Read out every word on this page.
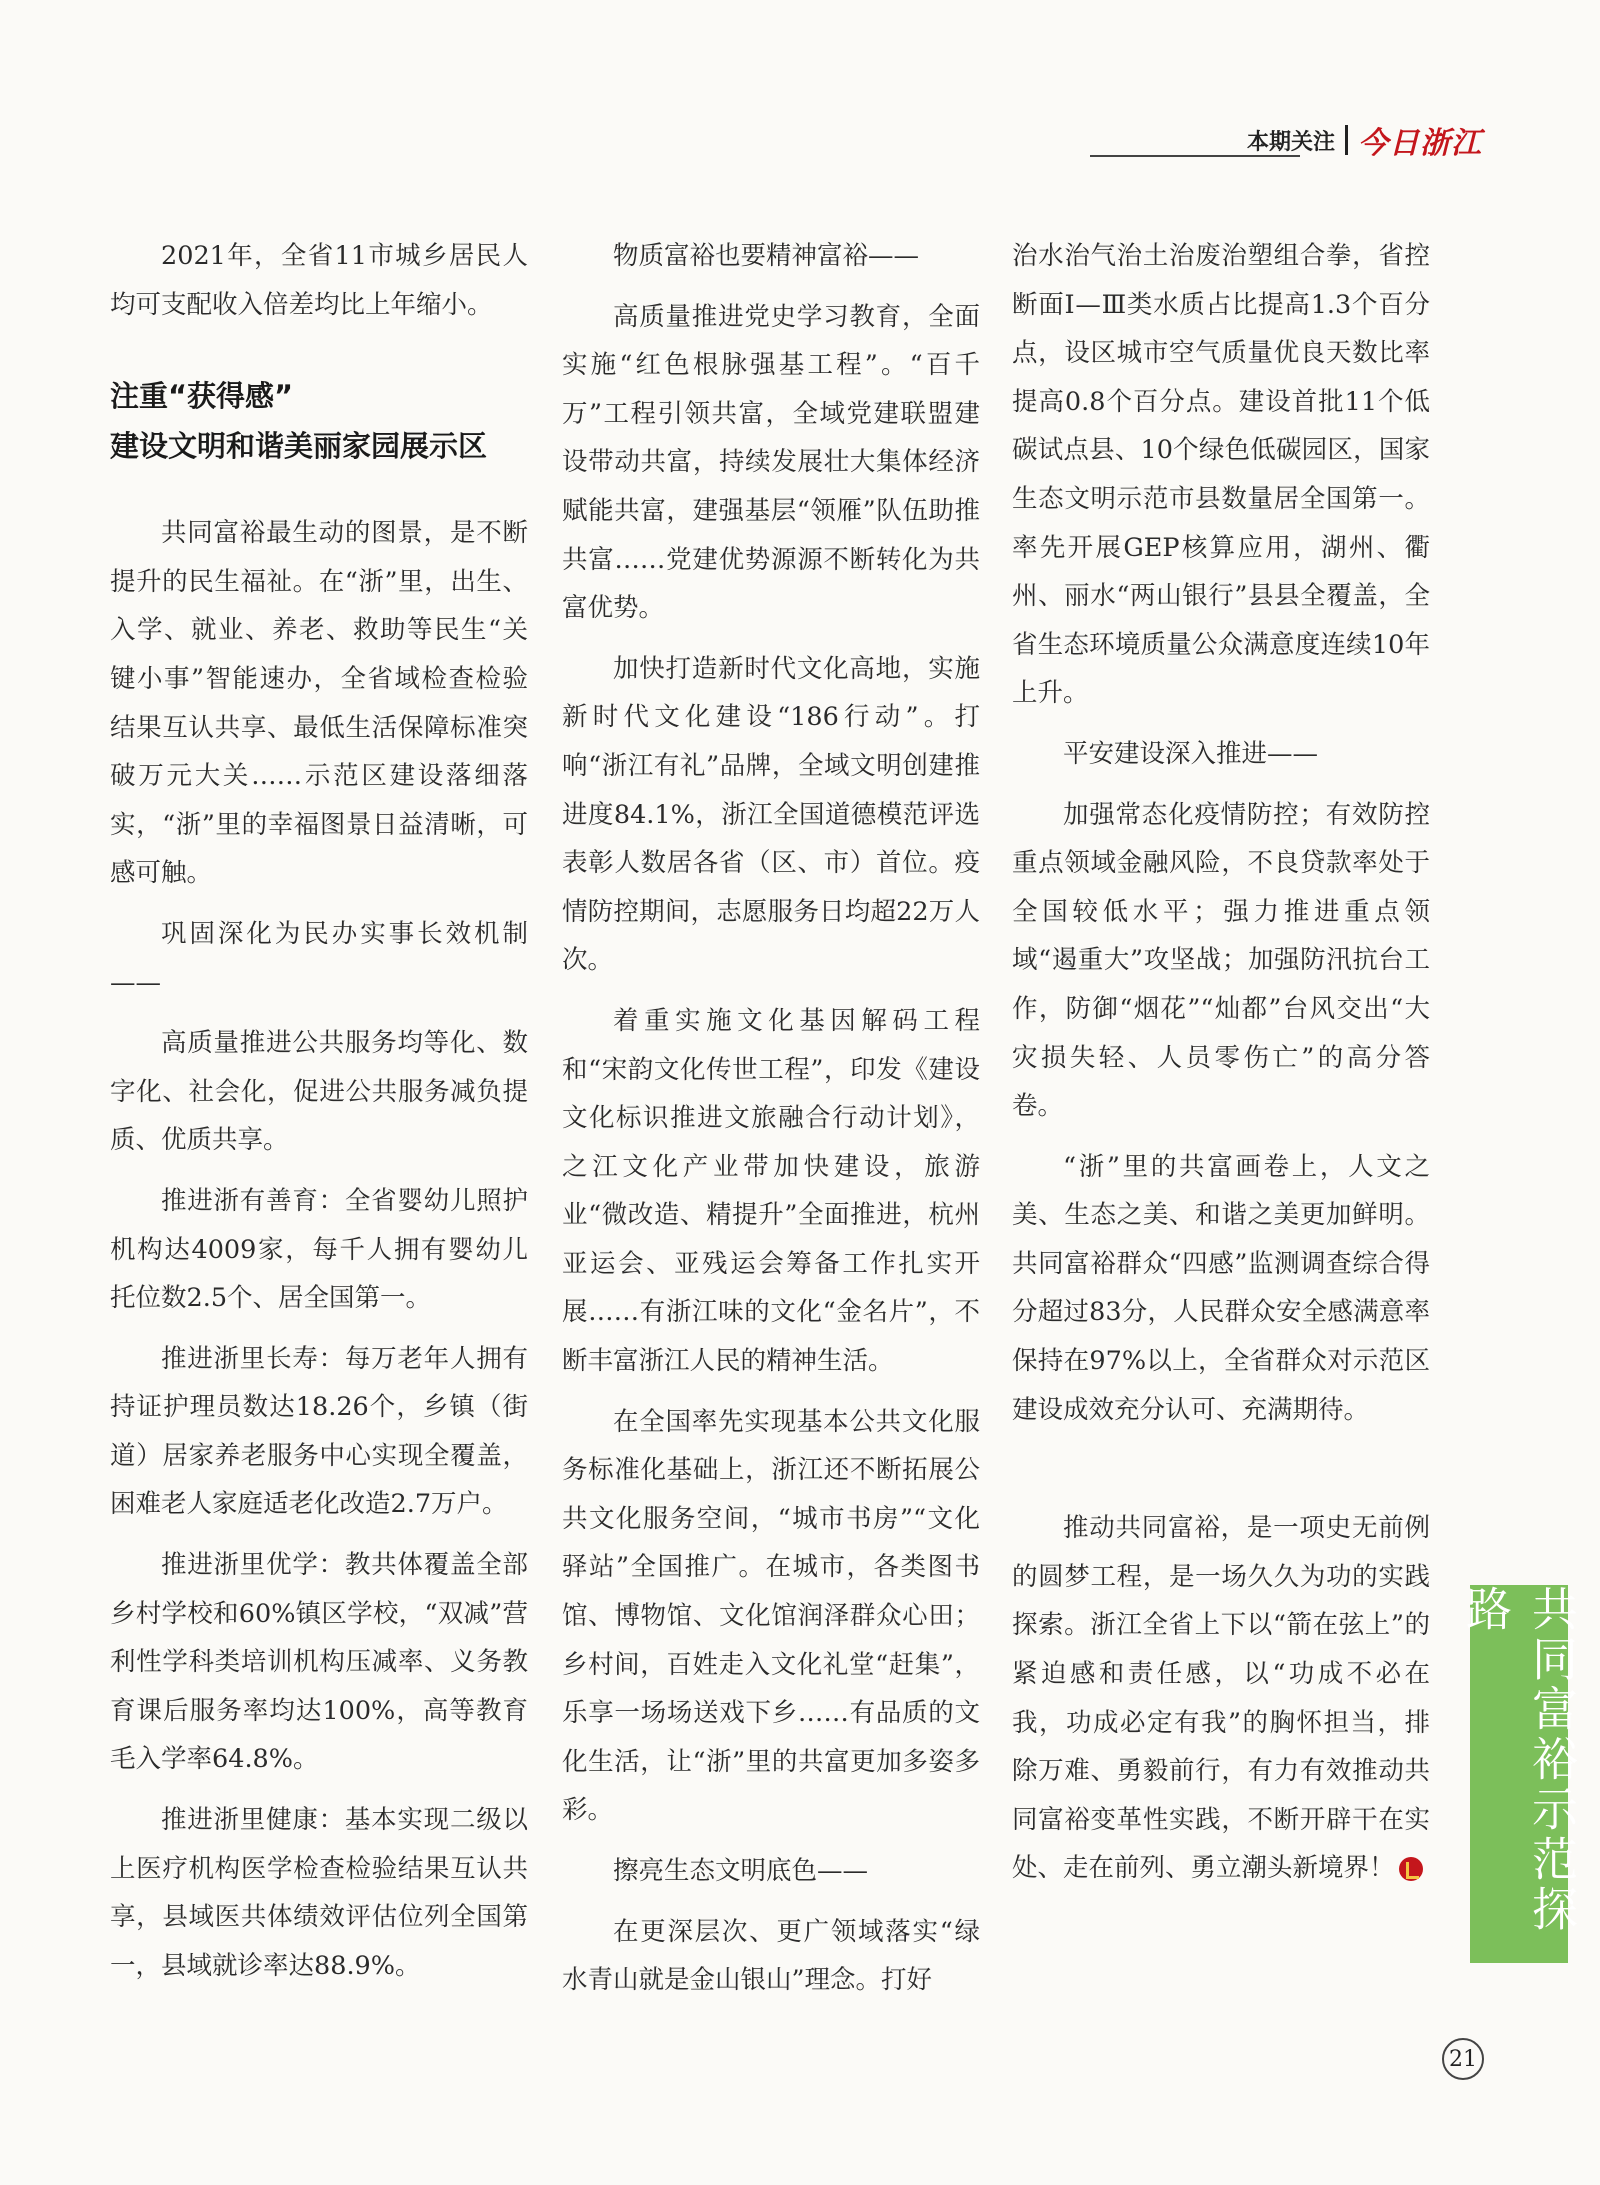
本期关注 今日浙江

2021年，全省11市城乡居民人均可支配收入倍差均比上年缩小。

注重“获得感”
建设文明和谐美丽家园展示区

共同富裕最生动的图景，是不断提升的民生福祉。在“浙”里，出生、入学、就业、养老、救助等民生“关键小事”智能速办，全省域检查检验结果互认共享、最低生活保障标准突破万元大关……示范区建设落细落实，“浙”里的幸福图景日益清晰，可感可触。

巩固深化为民办实事长效机制——

高质量推进公共服务均等化、数字化、社会化，促进公共服务减负提质、优质共享。

推进浙有善育：全省婴幼儿照护机构达4009家，每千人拥有婴幼儿托位数2.5个、居全国第一。

推进浙里长寿：每万老年人拥有持证护理员数达18.26个，乡镇（街道）居家养老服务中心实现全覆盖，困难老人家庭适老化改造2.7万户。

推进浙里优学：教共体覆盖全部乡村学校和60%镇区学校，“双减”营利性学科类培训机构压减率、义务教育课后服务率均达100%，高等教育毛入学率64.8%。

推进浙里健康：基本实现二级以上医疗机构医学检查检验结果互认共享，县域医共体绩效评估位列全国第一，县域就诊率达88.9%。

物质富裕也要精神富裕——

高质量推进党史学习教育，全面实施“红色根脉强基工程”。“百千万”工程引领共富，全域党建联盟建设带动共富，持续发展壮大集体经济赋能共富，建强基层“领雁”队伍助推共富……党建优势源源不断转化为共富优势。

加快打造新时代文化高地，实施新时代文化建设“186行动”。打响“浙江有礼”品牌，全域文明创建推进度84.1%，浙江全国道德模范评选表彰人数居各省（区、市）首位。疫情防控期间，志愿服务日均超22万人次。

着重实施文化基因解码工程和“宋韵文化传世工程”，印发《建设文化标识推进文旅融合行动计划》，之江文化产业带加快建设，旅游业“微改造、精提升”全面推进，杭州亚运会、亚残运会筹备工作扎实开展……有浙江味的文化“金名片”，不断丰富浙江人民的精神生活。

在全国率先实现基本公共文化服务标准化基础上，浙江还不断拓展公共文化服务空间，“城市书房”“文化驿站”全国推广。在城市，各类图书馆、博物馆、文化馆润泽群众心田；乡村间，百姓走入文化礼堂“赶集”，乐享一场场送戏下乡……有品质的文化生活，让“浙”里的共富更加多姿多彩。

擦亮生态文明底色——

在更深层次、更广领域落实“绿水青山就是金山银山”理念。打好

治水治气治土治废治塑组合拳，省控断面Ⅰ—Ⅲ类水质占比提高1.3个百分点，设区城市空气质量优良天数比率提高0.8个百分点。建设首批11个低碳试点县、10个绿色低碳园区，国家生态文明示范市县数量居全国第一。率先开展GEP核算应用，湖州、衢州、丽水“两山银行”县县全覆盖，全省生态环境质量公众满意度连续10年上升。

平安建设深入推进——

加强常态化疫情防控；有效防控重点领域金融风险，不良贷款率处于全国较低水平；强力推进重点领域“遏重大”攻坚战；加强防汛抗台工作，防御“烟花”“灿都”台风交出“大灾损失轻、人员零伤亡”的高分答卷。

“浙”里的共富画卷上，人文之美、生态之美、和谐之美更加鲜明。共同富裕群众“四感”监测调查综合得分超过83分，人民群众安全感满意率保持在97%以上，全省群众对示范区建设成效充分认可、充满期待。

推动共同富裕，是一项史无前例的圆梦工程，是一场久久为功的实践探索。浙江全省上下以“箭在弦上”的紧迫感和责任感，以“功成不必在我，功成必定有我”的胸怀担当，排除万难、勇毅前行，有力有效推动共同富裕变革性实践，不断开辟干在实处、走在前列、勇立潮头新境界！	共同富裕示范探路
21
